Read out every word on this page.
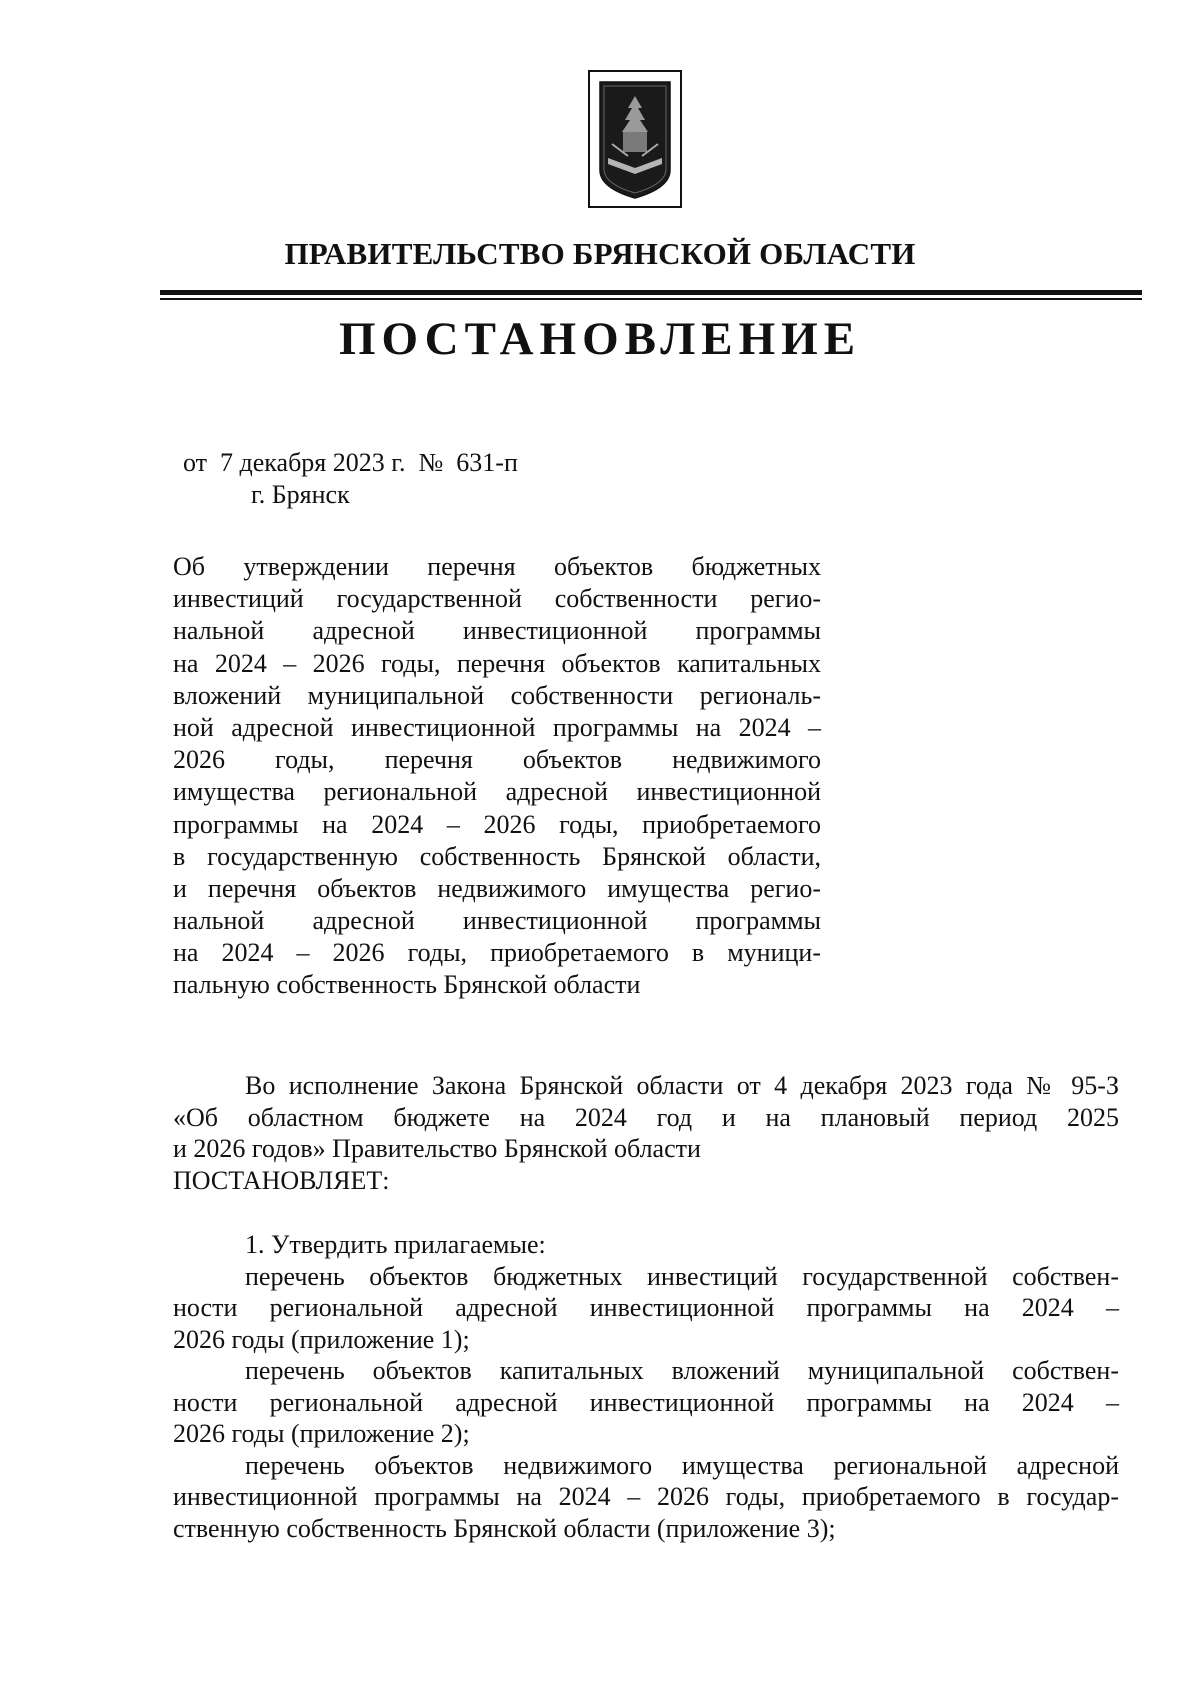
ПРАВИТЕЛЬСТВО БРЯНСКОЙ ОБЛАСТИ
ПОСТАНОВЛЕНИЕ
от  7 декабря 2023 г.  №  631-п
г. Брянск
Об утверждении перечня объектов бюджетных
инвестиций государственной собственности регио-
нальной адресной инвестиционной программы
на 2024 – 2026 годы, перечня объектов капитальных
вложений муниципальной собственности региональ-
ной адресной инвестиционной программы на 2024 –
2026 годы, перечня объектов недвижимого
имущества региональной адресной инвестиционной
программы на 2024 – 2026 годы, приобретаемого
в государственную собственность Брянской области,
и перечня объектов недвижимого имущества регио-
нальной адресной инвестиционной программы
на 2024 – 2026 годы, приобретаемого в муници-
пальную собственность Брянской области
Во исполнение Закона Брянской области от 4 декабря 2023 года № 95-З
«Об областном бюджете на 2024 год и на плановый период 2025
и 2026 годов» Правительство Брянской области
ПОСТАНОВЛЯЕТ:
1. Утвердить прилагаемые:
перечень объектов бюджетных инвестиций государственной собствен-
ности региональной адресной инвестиционной программы на 2024 –
2026 годы (приложение 1);
перечень объектов капитальных вложений муниципальной собствен-
ности региональной адресной инвестиционной программы на 2024 –
2026 годы (приложение 2);
перечень объектов недвижимого имущества региональной адресной
инвестиционной программы на 2024 – 2026 годы, приобретаемого в государ-
ственную собственность Брянской области (приложение 3);
